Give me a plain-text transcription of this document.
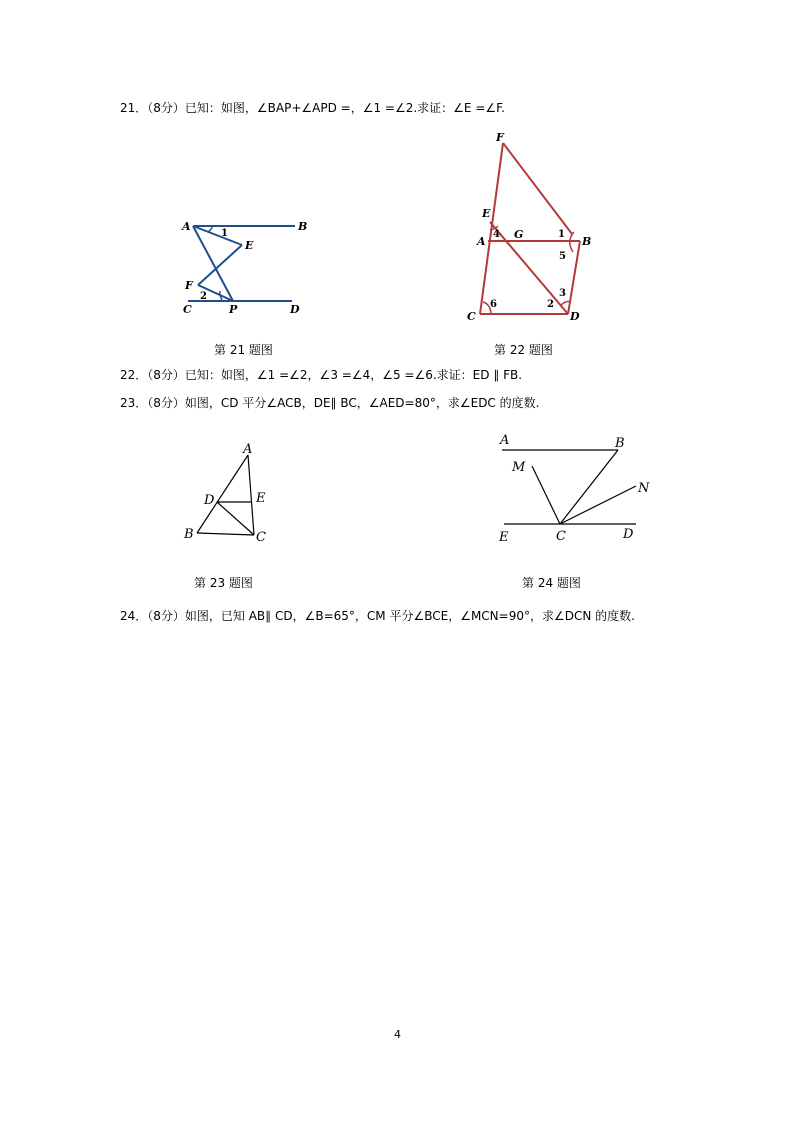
21．（8分）已知：如图，∠BAP+∠APD =，∠1 =∠2.求证：∠E =∠F.
A	B
1
E
F
2
C	P	D
F
E
4 G	1
A	B
5
3
6	2
C	D
第 21 题图	第 22 题图
22．（8分）已知：如图，∠1 =∠2，∠3 =∠4，∠5 =∠6.求证：ED ∥ FB.
23．（8分）如图，CD 平分∠ACB，DE∥ BC，∠AED=80°，求∠EDC 的度数.
A
D	E
B	C
A	B
M
N
E	C	D
第 23 题图	第 24 题图
24．（8分）如图，已知 AB∥ CD，∠B=65°，CM 平分∠BCE，∠MCN=90°，求∠DCN 的度数.
4
